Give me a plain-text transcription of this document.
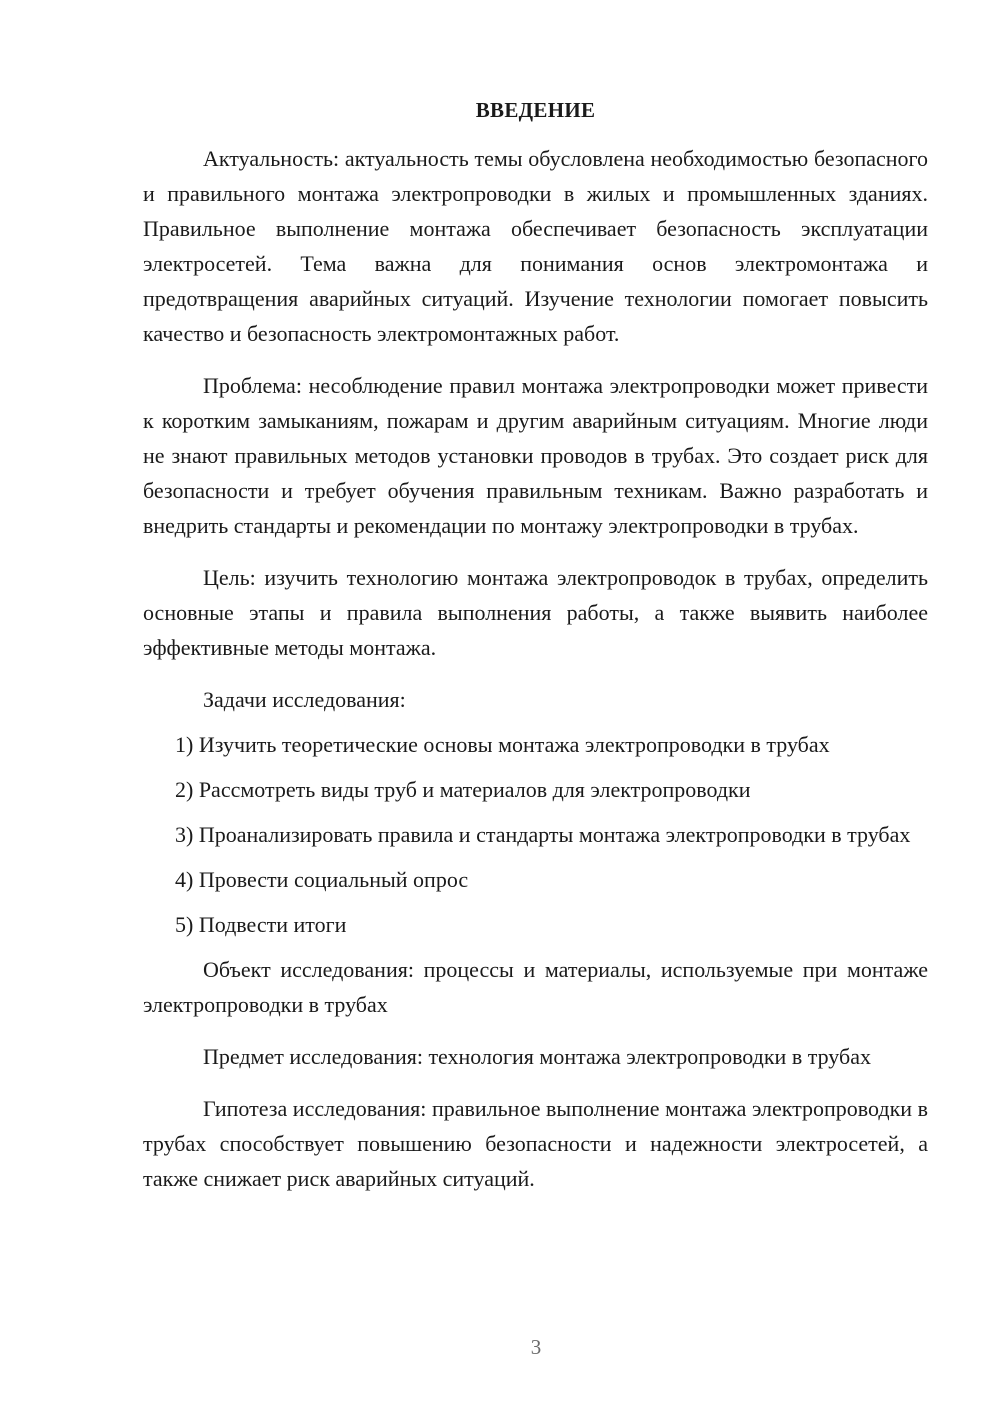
ВВЕДЕНИЕ

Актуальность: актуальность темы обусловлена необходимостью безопасного и правильного монтажа электропроводки в жилых и промышленных зданиях. Правильное выполнение монтажа обеспечивает безопасность эксплуатации электросетей. Тема важна для понимания основ электромонтажа и предотвращения аварийных ситуаций. Изучение технологии помогает повысить качество и безопасность электромонтажных работ.

Проблема: несоблюдение правил монтажа электропроводки может привести к коротким замыканиям, пожарам и другим аварийным ситуациям. Многие люди не знают правильных методов установки проводов в трубах. Это создает риск для безопасности и требует обучения правильным техникам. Важно разработать и внедрить стандарты и рекомендации по монтажу электропроводки в трубах.

Цель: изучить технологию монтажа электропроводок в трубах, определить основные этапы и правила выполнения работы, а также выявить наиболее эффективные методы монтажа.

Задачи исследования:

1) Изучить теоретические основы монтажа электропроводки в трубах

2) Рассмотреть виды труб и материалов для электропроводки

3) Проанализировать правила и стандарты монтажа электропроводки в трубах

4) Провести социальный опрос

5) Подвести итоги

Объект исследования: процессы и материалы, используемые при монтаже электропроводки в трубах

Предмет исследования: технология монтажа электропроводки в трубах

Гипотеза исследования: правильное выполнение монтажа электропроводки в трубах способствует повышению безопасности и надежности электросетей, а также снижает риск аварийных ситуаций.

3
